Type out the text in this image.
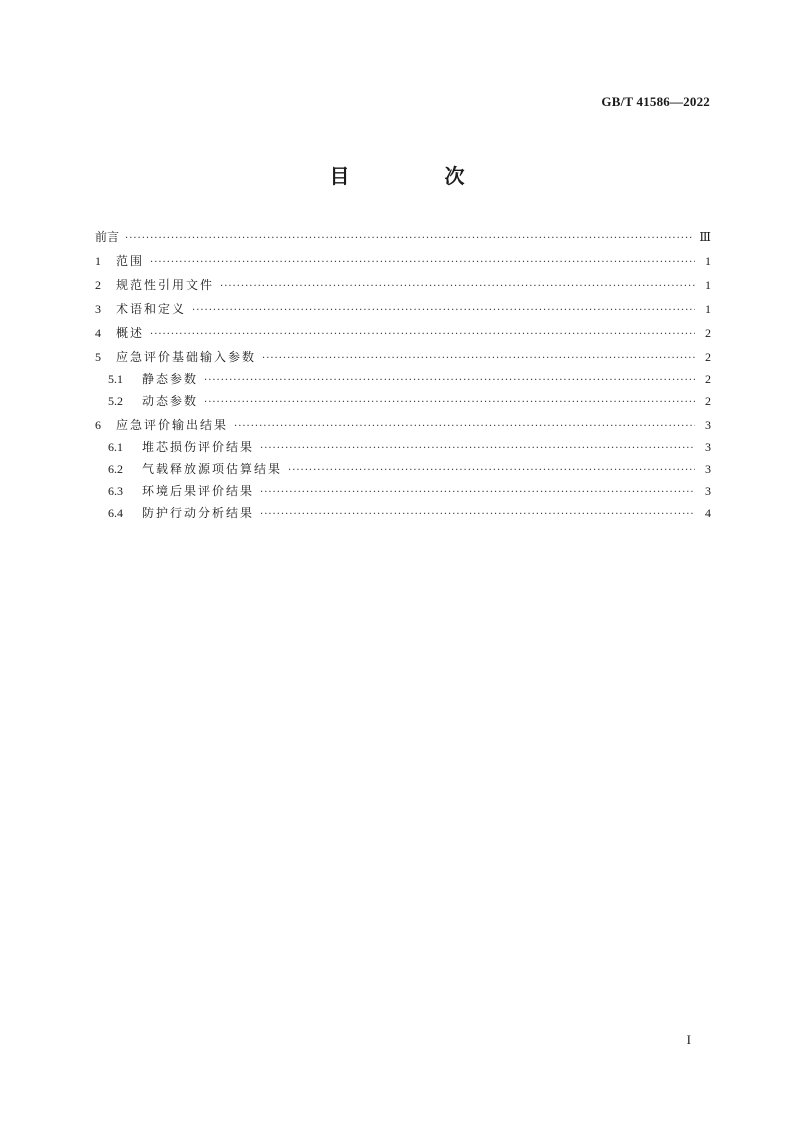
GB/T 41586—2022
目 次
前言 ·····	Ⅲ
1	范围 ·····	1
2	规范性引用文件 ·····	1
3	术语和定义 ·····	1
4	概述 ·····	2
5	应急评价基础输入参数 ·····	2
5.1	静态参数 ·····	2
5.2	动态参数 ·····	2
6	应急评价输出结果 ·····	3
6.1	堆芯损伤评价结果 ·····	3
6.2	气载释放源项估算结果 ·····	3
6.3	环境后果评价结果 ·····	3
6.4	防护行动分析结果 ·····	4
I
